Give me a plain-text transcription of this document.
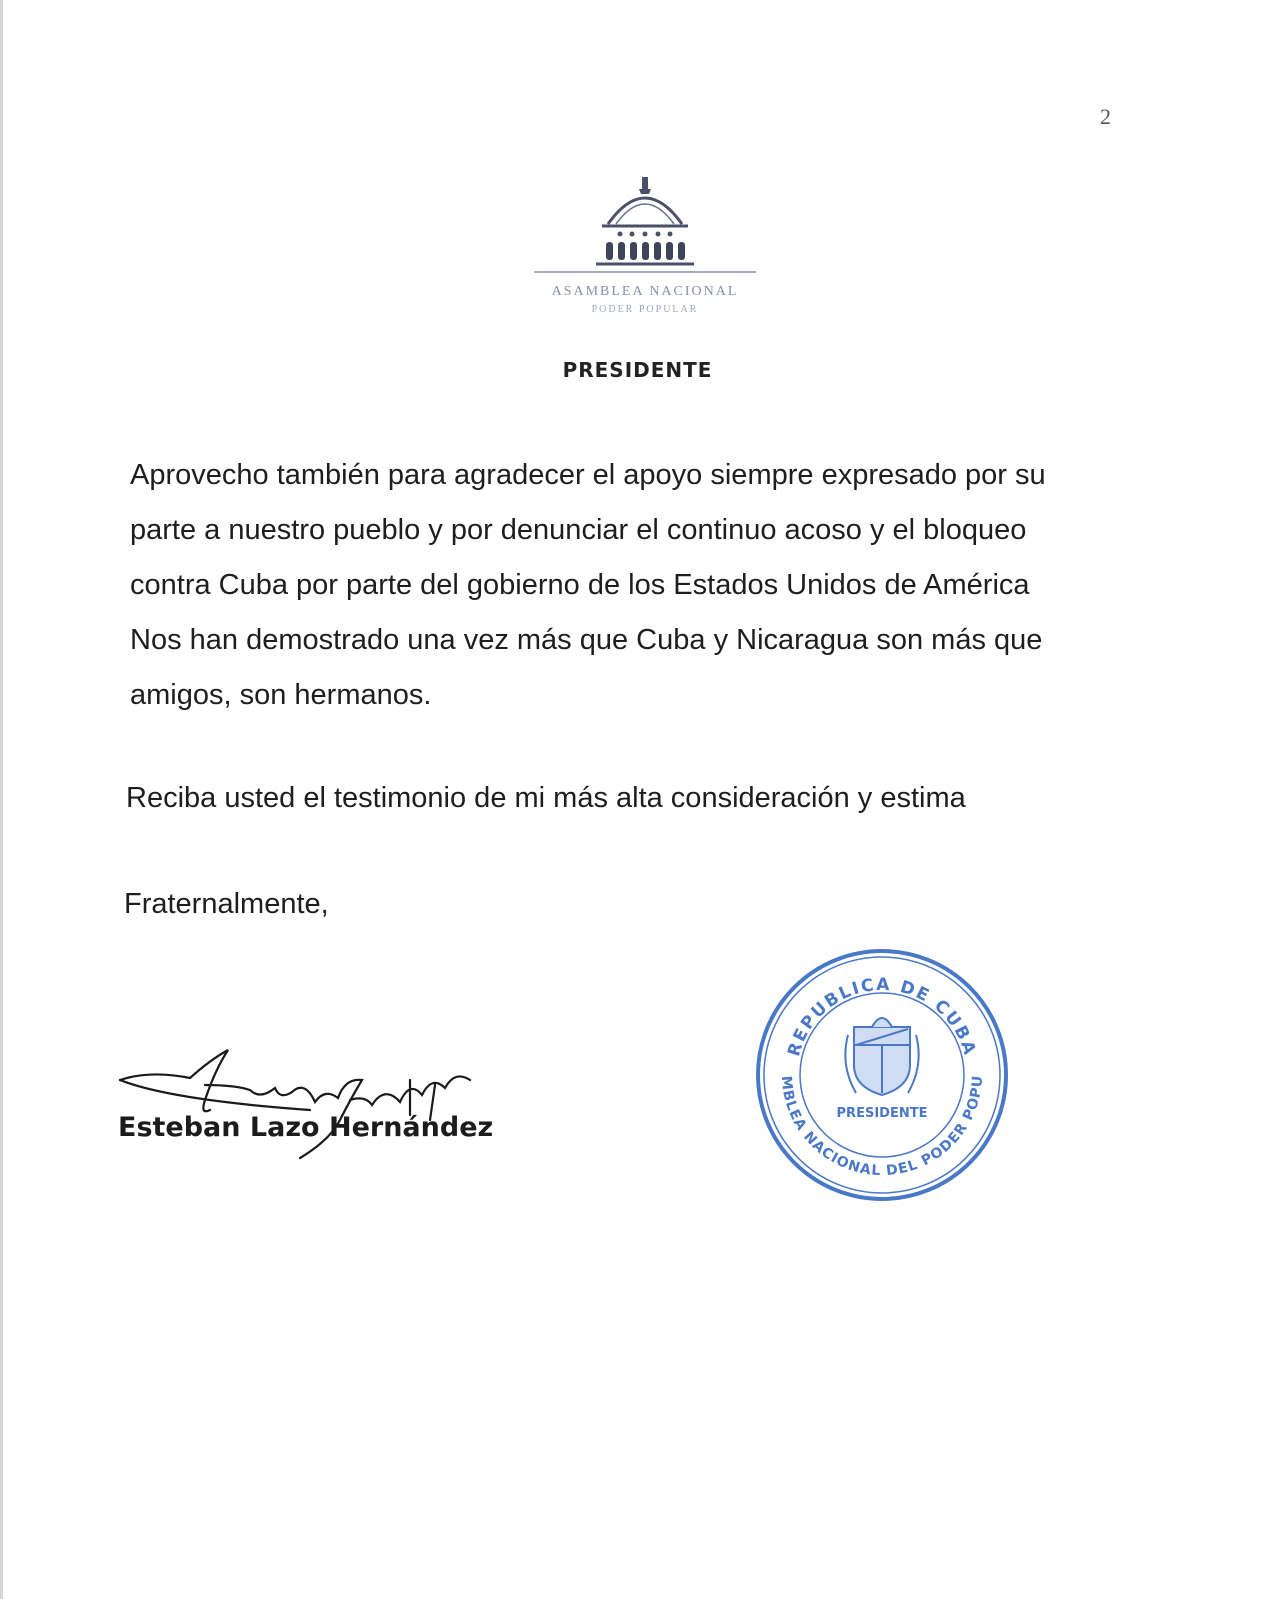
2
ASAMBLEA NACIONAL
PODER POPULAR
PRESIDENTE
Aprovecho también para agradecer el apoyo siempre expresado por su
parte a nuestro pueblo y por denunciar el continuo acoso y el bloqueo
contra Cuba por parte del gobierno de los Estados Unidos de América
Nos han demostrado una vez más que Cuba y Nicaragua son más que
amigos, son hermanos.
Reciba usted el testimonio de mi más alta consideración y estima
Fraternalmente,
Esteban Lazo Hernández
REPUBLICA DE CUBA
MBLEA NACIONAL DEL PODER POPU
PRESIDENTE
